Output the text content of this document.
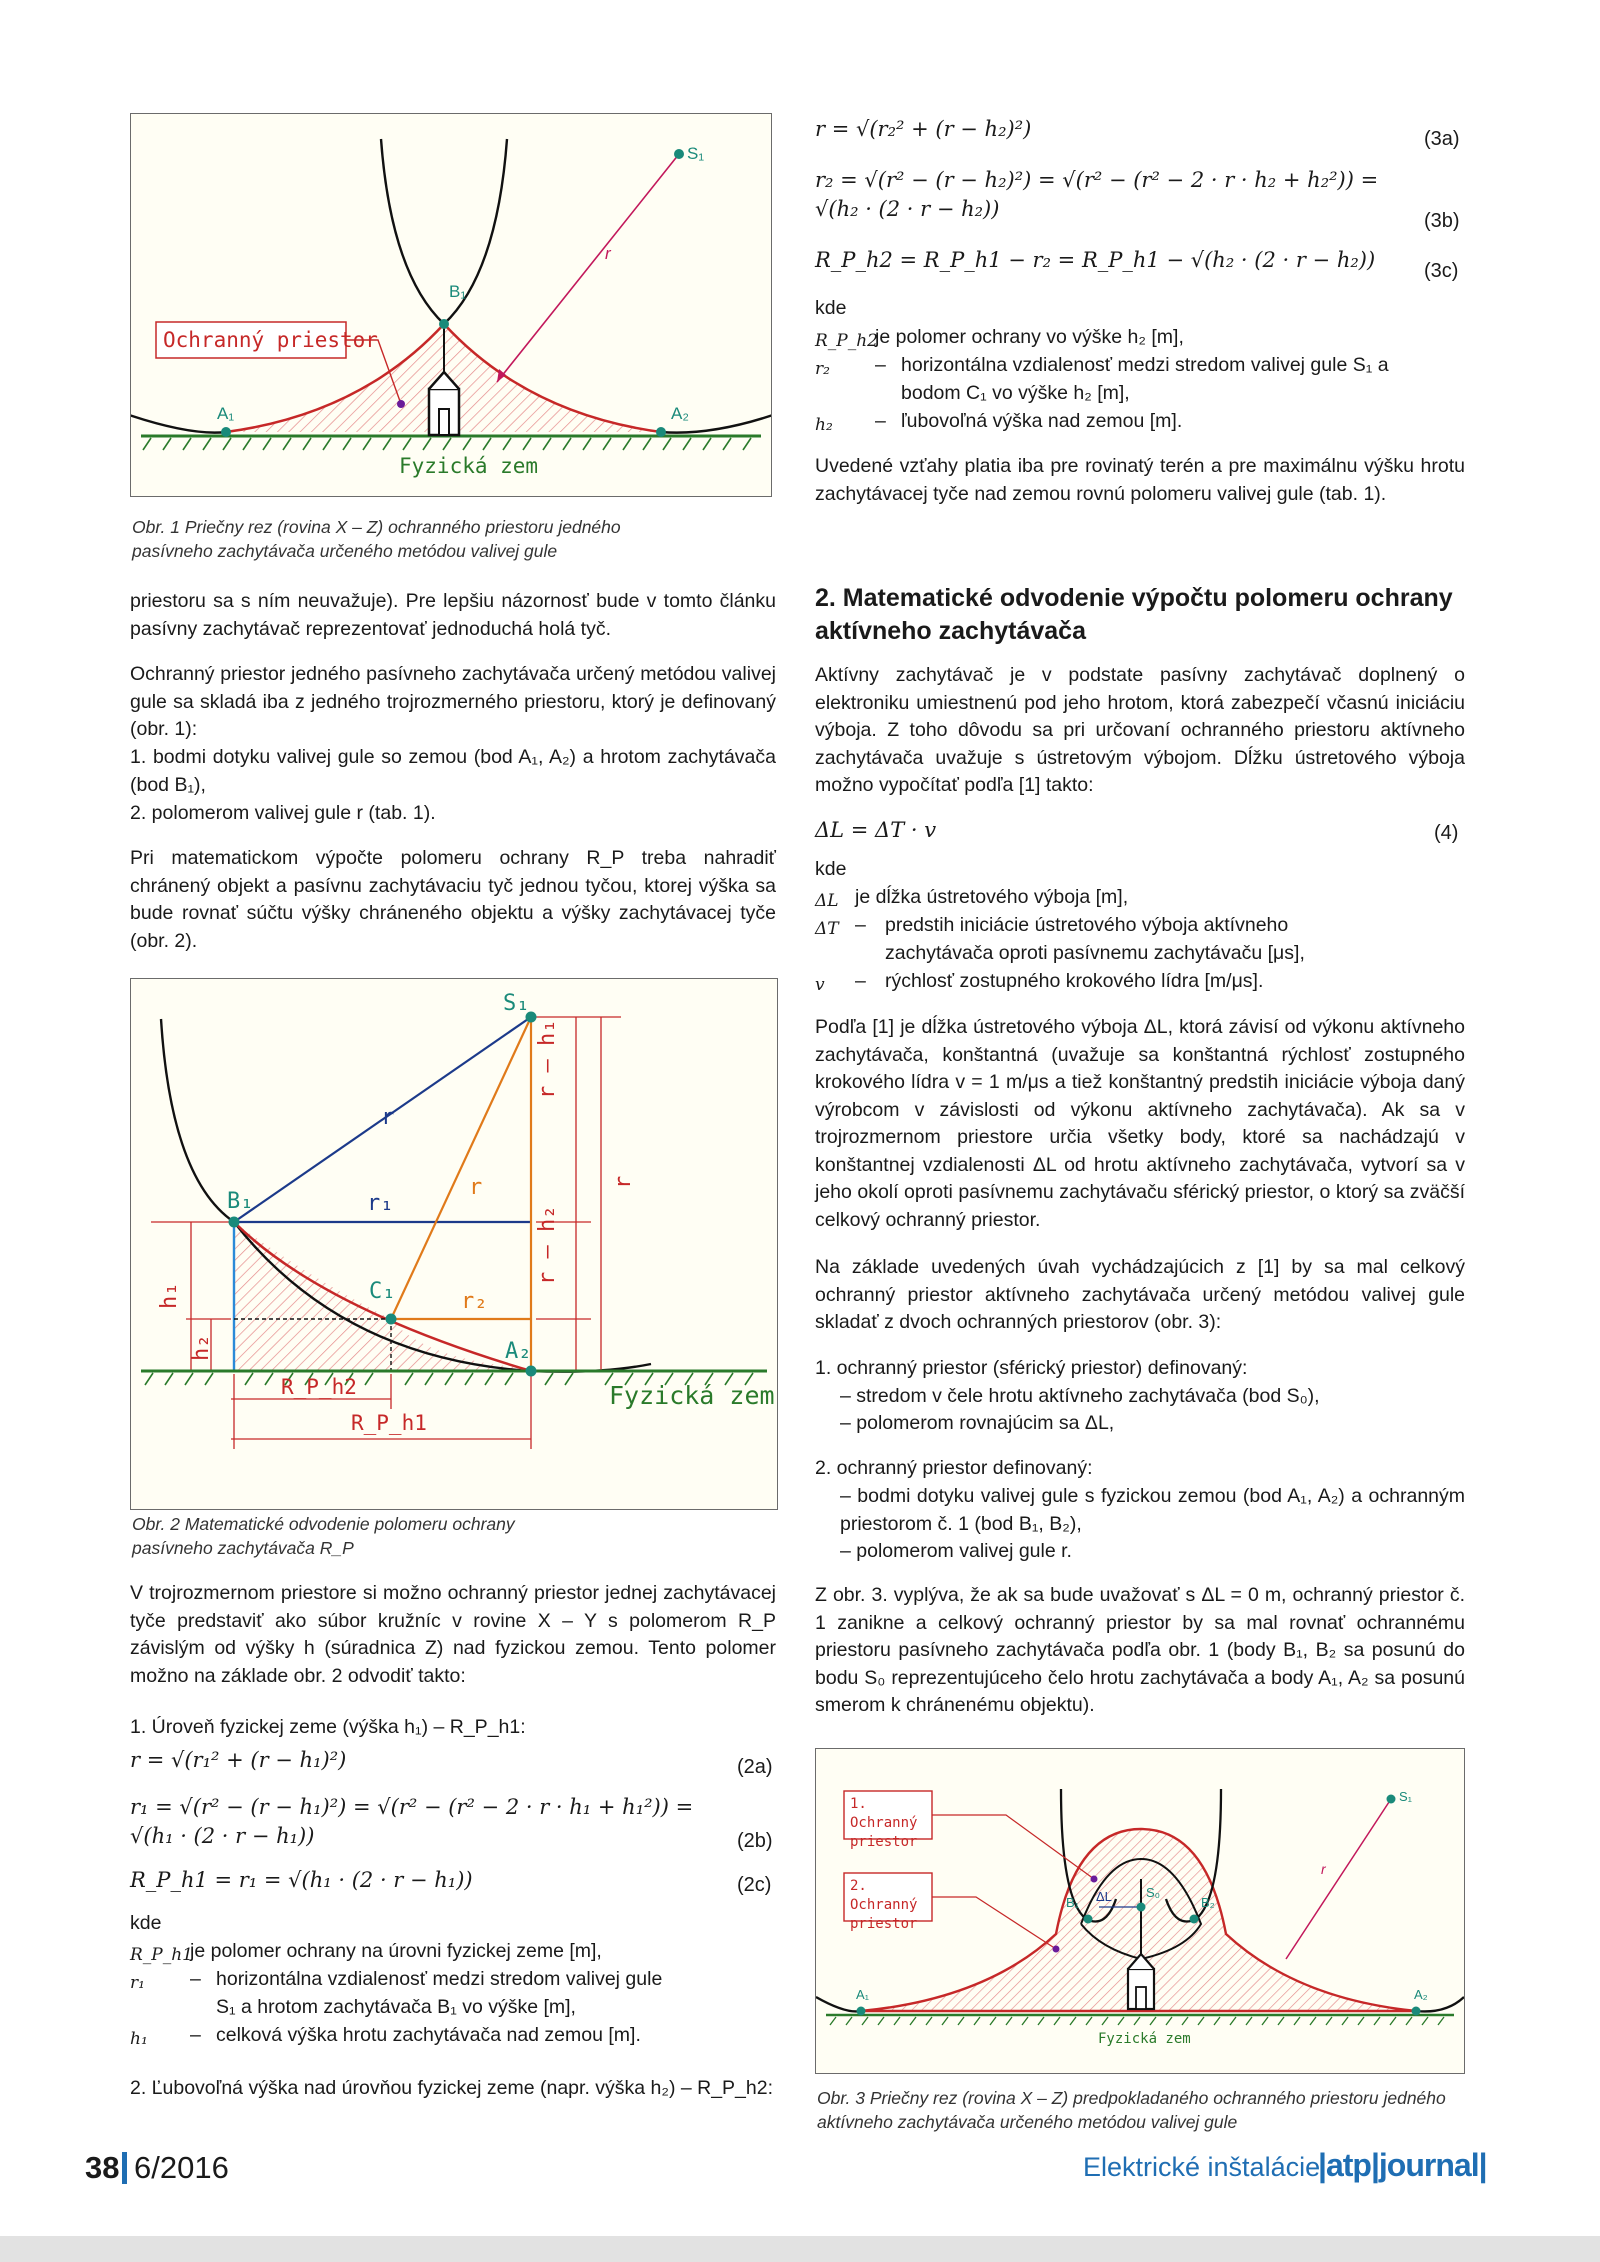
Ochranný priestor
Fyzická zem
A₁	A₂
B₁
S₁
r
Obr. 1 Priečny rez (rovina X – Z) ochranného priestoru jedného pasívneho zachytávača určeného metódou valivej gule

priestoru sa s ním neuvažuje). Pre lepšiu názornosť bude v tomto článku pasívny zachytávač reprezentovať jednoduchá holá tyč.

Ochranný priestor jedného pasívneho zachytávača určený metódou valivej gule sa skladá iba z jedného trojrozmerného priestoru, ktorý je definovaný (obr. 1):

1. bodmi dotyku valivej gule so zemou (bod A₁, A₂) a hrotom zachytávača (bod B₁),

2. polomerom valivej gule r (tab. 1).

Pri matematickom výpočte polomeru ochrany R_P treba nahradiť chránený objekt a pasívnu zachytávaciu tyč jednou tyčou, ktorej výška sa bude rovnať súčtu výšky chráneného objektu a výšky zachytávacej tyče (obr. 2).

S₁
B₁
C₁
A₂
r
r₁
r
r₂
r – h₁
r – h₂
r
h₁
h₂
R_P_h2
R_P_h1
Fyzická zem
Obr. 2 Matematické odvodenie polomeru ochrany pasívneho zachytávača R_P

V trojrozmernom priestore si možno ochranný priestor jednej zachytávacej tyče predstaviť ako súbor kružníc v rovine X – Y s polomerom R_P závislým od výšky h (súradnica Z) nad fyzickou zemou. Tento polomer možno na základe obr. 2 odvodiť takto:

1. Úroveň fyzickej zeme (výška h₁) – R_P_h1:

r = √(r₁² + (r − h₁)²)	(2a)
r₁ = √(r² − (r − h₁)²) = √(r² − (r² − 2 · r · h₁ + h₁²)) =
√(h₁ · (2 · r − h₁))	(2b)
R_P_h1 = r₁ = √(h₁ · (2 · r − h₁))	(2c)
kde
R_P_h1
je polomer ochrany na úrovni fyzickej zeme [m],
r₁ – horizontálna vzdialenosť medzi stredom valivej gule S₁ a hrotom zachytávača B₁ vo výške [m],
h₁ – celková výška hrotu zachytávača nad zemou [m].

2. Ľubovoľná výška nad úrovňou fyzickej zeme (napr. výška h₂) – R_P_h2:

r = √(r₂² + (r − h₂)²)	(3a)
r₂ = √(r² − (r − h₂)²) = √(r² − (r² − 2 · r · h₂ + h₂²)) =
√(h₂ · (2 · r − h₂))	(3b)
R_P_h2 = R_P_h1 − r₂ = R_P_h1 − √(h₂ · (2 · r − h₂)) (3c)
kde
R_P_h2
je polomer ochrany vo výške h₂ [m],
r₂ – horizontálna vzdialenosť medzi stredom valivej gule S₁ a bodom C₁ vo výške h₂ [m],
h₂ – ľubovoľná výška nad zemou [m].

Uvedené vzťahy platia iba pre rovinatý terén a pre maximálnu výšku hrotu zachytávacej tyče nad zemou rovnú polomeru valivej gule (tab. 1).

2. Matematické odvodenie výpočtu polomeru ochrany aktívneho zachytávača

Aktívny zachytávač je v podstate pasívny zachytávač doplnený o elektroniku umiestnenú pod jeho hrotom, ktorá zabezpečí včasnú iniciáciu výboja. Z toho dôvodu sa pri určovaní ochranného priestoru aktívneho zachytávača uvažuje s ústretovým výbojom. Dĺžku ústretového výboja možno vypočítať podľa [1] takto:

ΔL = ΔT · v	(4)
kde
ΔL je dĺžka ústretového výboja [m],
ΔT – predstih iniciácie ústretového výboja aktívneho zachytávača oproti pasívnemu zachytávaču [μs],
v – rýchlosť zostupného krokového lídra [m/μs].

Podľa [1] je dĺžka ústretového výboja ΔL, ktorá závisí od výkonu aktívneho zachytávača, konštantná (uvažuje sa konštantná rýchlosť zostupného krokového lídra v = 1 m/μs a tiež konštantný predstih iniciácie výboja daný výrobcom v závislosti od výkonu aktívneho zachytávača). Ak sa v trojrozmernom priestore určia všetky body, ktoré sa nachádzajú v konštantnej vzdialenosti ΔL od hrotu aktívneho zachytávača, vytvorí sa v jeho okolí oproti pasívnemu zachytávaču sférický priestor, o ktorý sa zväčší celkový ochranný priestor.

Na základe uvedených úvah vychádzajúcich z [1] by sa mal celkový ochranný priestor aktívneho zachytávača určený metódou valivej gule skladať z dvoch ochranných priestorov (obr. 3):

1. ochranný priestor (sférický priestor) definovaný:

– stredom v čele hrotu aktívneho zachytávača (bod S₀),

– polomerom rovnajúcim sa ΔL,

2. ochranný priestor definovaný:

– bodmi dotyku valivej gule s fyzickou zemou (bod A₁, A₂) a ochranným priestorom č. 1 (bod B₁, B₂),

– polomerom valivej gule r.

Z obr. 3. vyplýva, že ak sa bude uvažovať s ΔL = 0 m, ochranný priestor č. 1 zanikne a celkový ochranný priestor by sa mal rovnať ochrannému priestoru pasívneho zachytávača podľa obr. 1 (body B₁, B₂ sa posunú do bodu S₀ reprezentujúceho čelo hrotu zachytávača a body A₁, A₂ sa posunú smerom k chránenému objektu).

1. Ochranný priestor
2. Ochranný priestor
Fyzická zem
A₁	A₂
B₁	B₂
S₁
S₀
ΔL
r
Obr. 3 Priečny rez (rovina X – Z) predpokladaného ochranného priestoru jedného aktívneho zachytávača určeného metódou valivej gule
38 6/2016	Elektrické inštalácie
|atp|journal|
